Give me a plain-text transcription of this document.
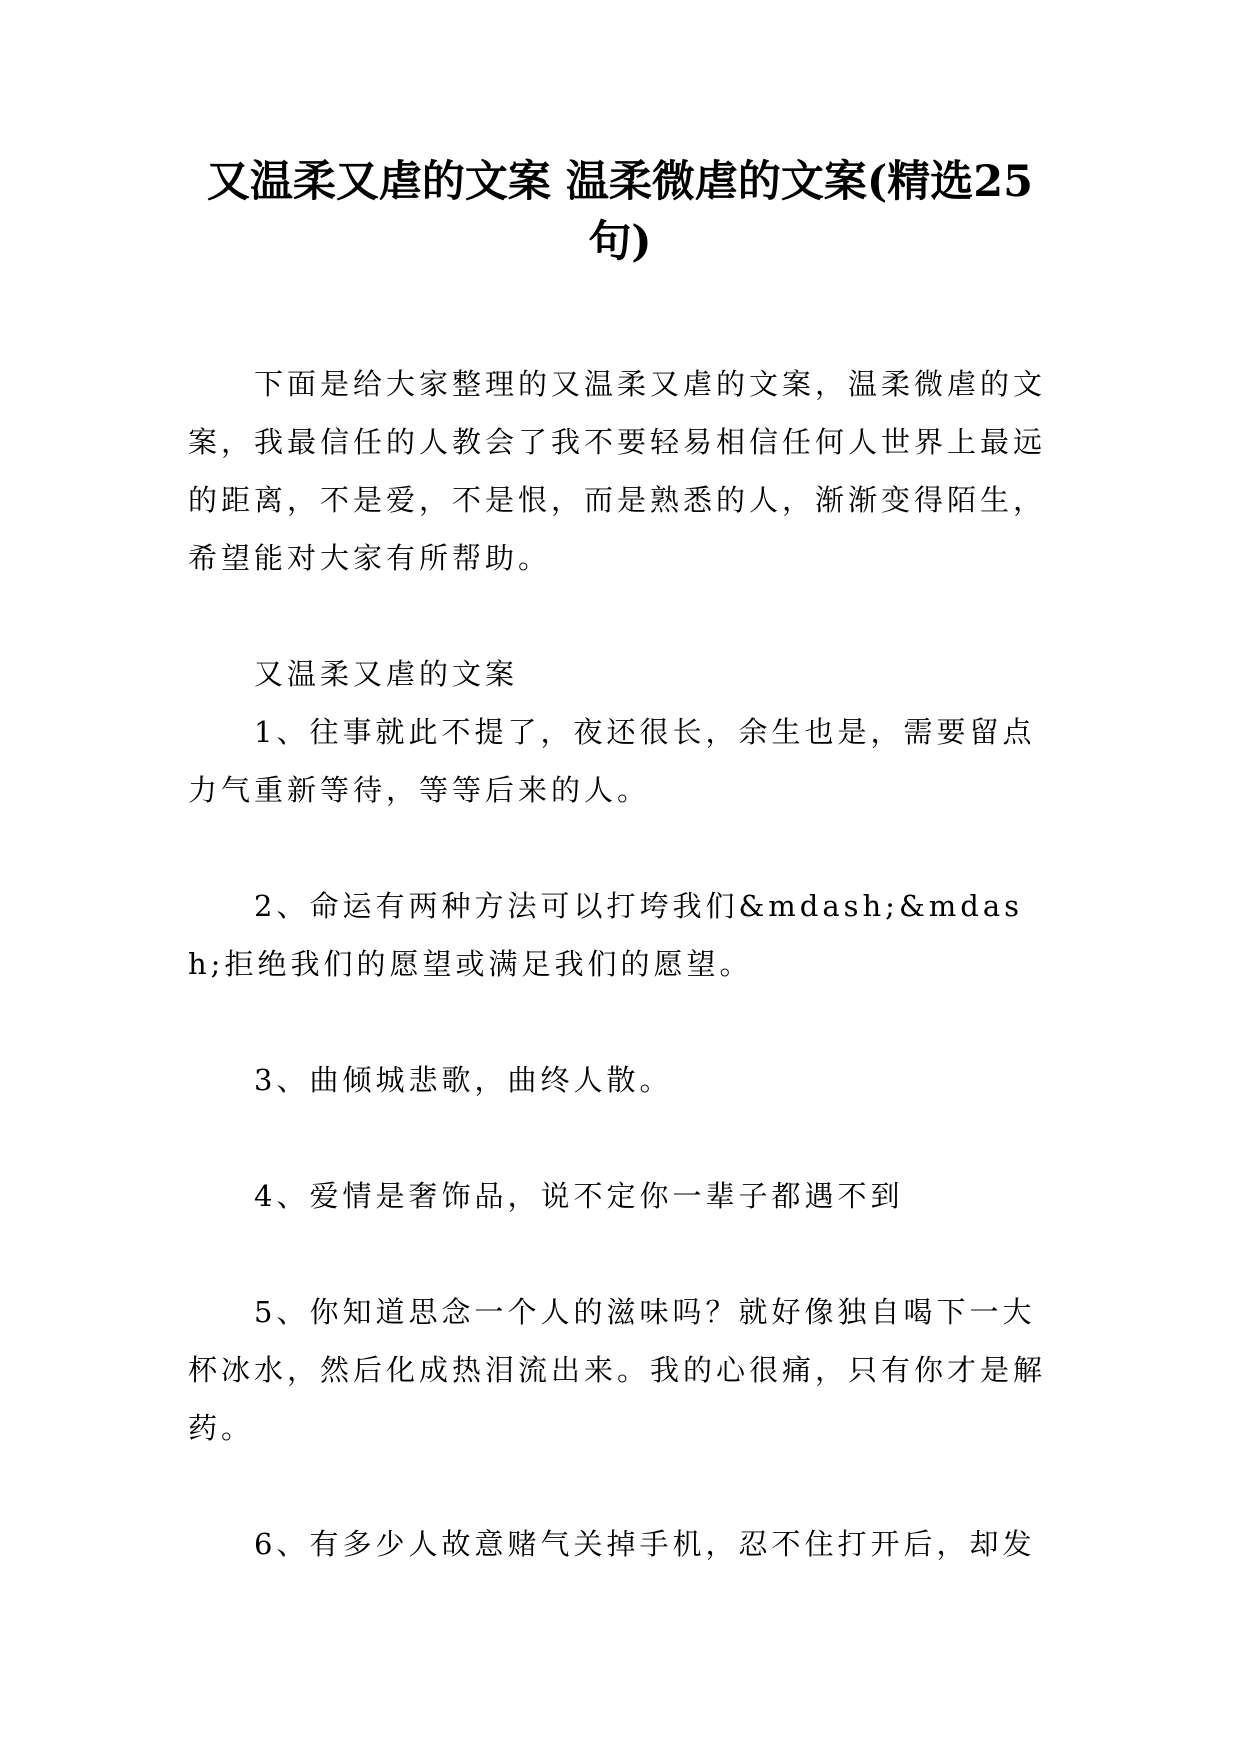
又温柔又虐的文案 温柔微虐的文案(精选25句)

下面是给大家整理的又温柔又虐的文案，温柔微虐的文案，我最信任的人教会了我不要轻易相信任何人世界上最远的距离，不是爱，不是恨，而是熟悉的人，渐渐变得陌生，希望能对大家有所帮助。

又温柔又虐的文案

1、往事就此不提了，夜还很长，余生也是，需要留点力气重新等待，等等后来的人。

2、命运有两种方法可以打垮我们&mdash;&mdash;拒绝我们的愿望或满足我们的愿望。

3、曲倾城悲歌，曲终人散。

4、爱情是奢饰品，说不定你一辈子都遇不到

5、你知道思念一个人的滋味吗？就好像独自喝下一大杯冰水，然后化成热泪流出来。我的心很痛，只有你才是解药。

6、有多少人故意赌气关掉手机，忍不住打开后，却发
